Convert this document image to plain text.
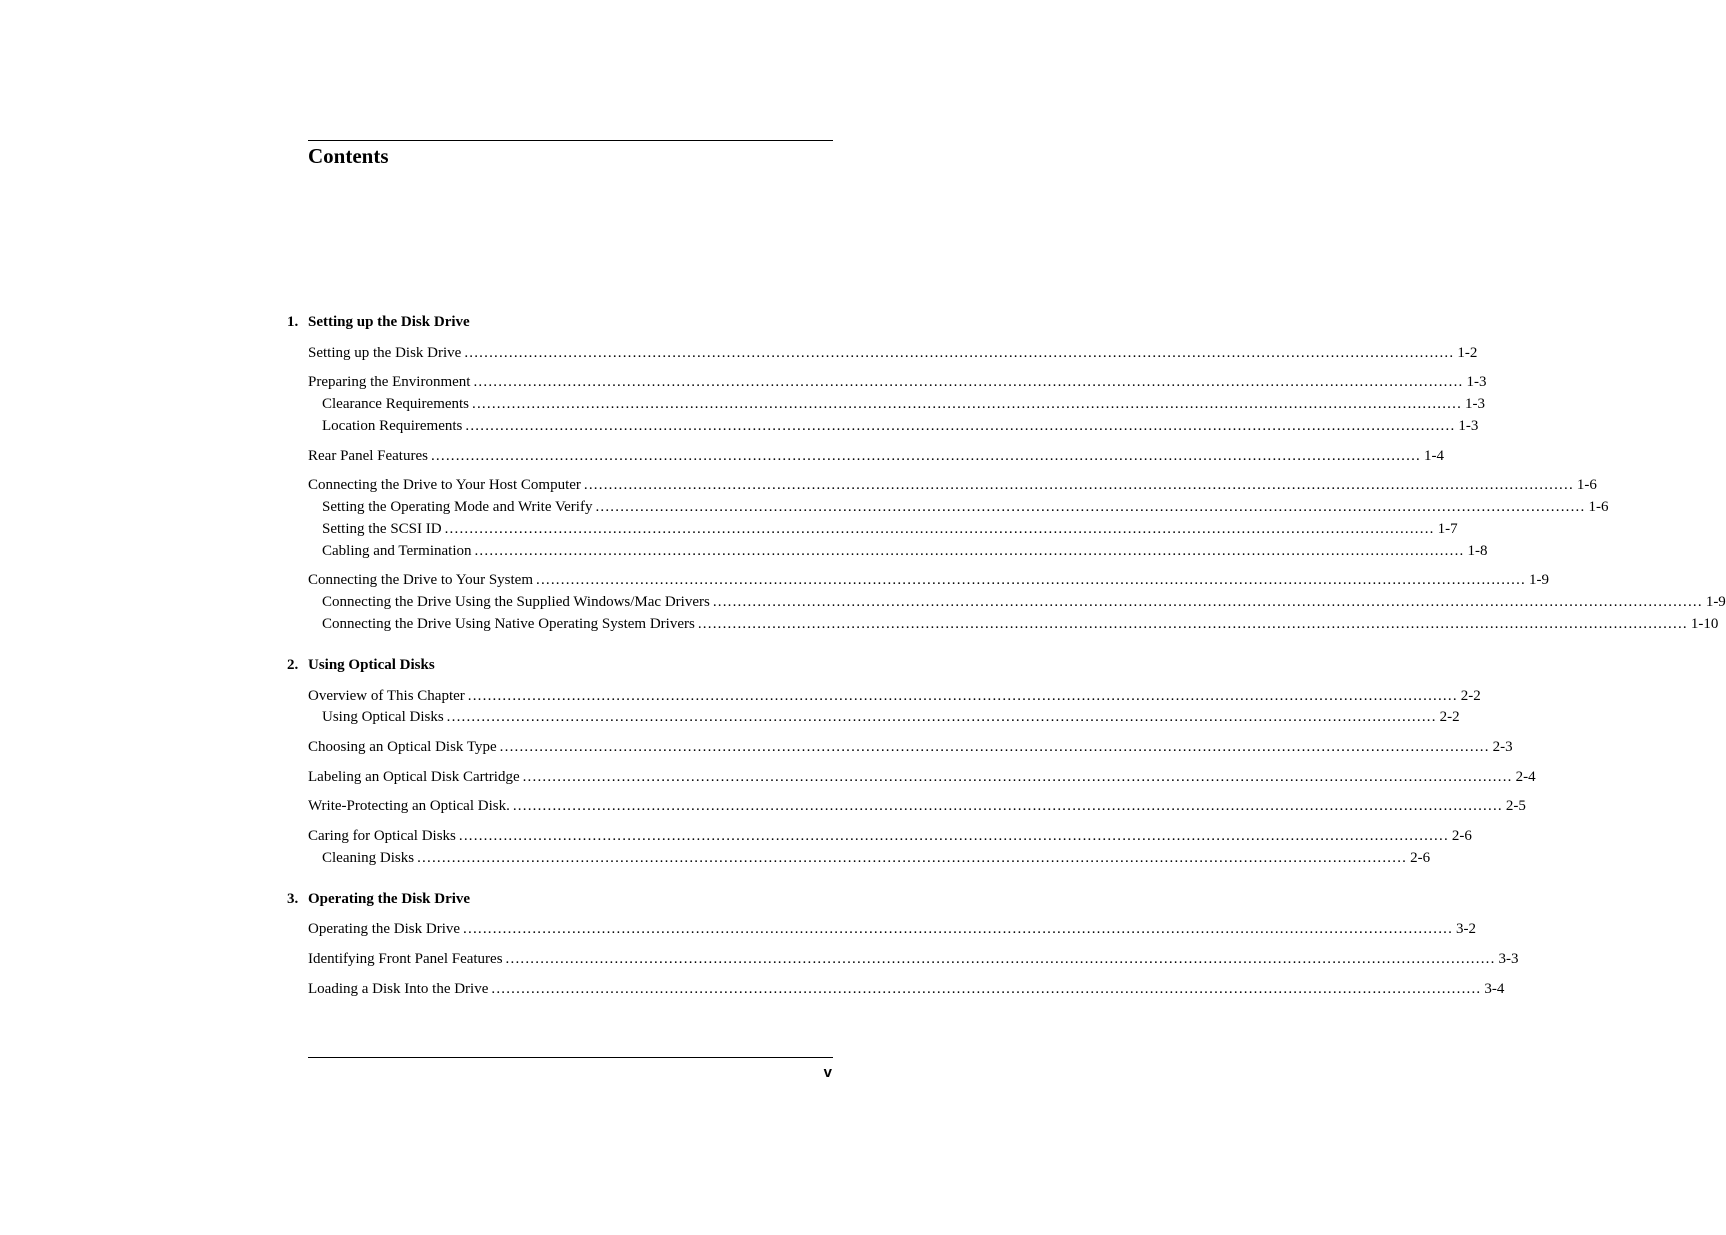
Contents
1. Setting up the Disk Drive
Setting up the Disk Drive ........................................................................................................................................................................................................ 1-2
Preparing the Environment ........................................................................................................................................................................................................ 1-3
Clearance Requirements ........................................................................................................................................................................................................ 1-3
Location Requirements ........................................................................................................................................................................................................ 1-3
Rear Panel Features ........................................................................................................................................................................................................ 1-4
Connecting the Drive to Your Host Computer ........................................................................................................................................................................................................ 1-6
Setting the Operating Mode and Write Verify ........................................................................................................................................................................................................ 1-6
Setting the SCSI ID ........................................................................................................................................................................................................ 1-7
Cabling and Termination ........................................................................................................................................................................................................ 1-8
Connecting the Drive to Your System ........................................................................................................................................................................................................ 1-9
Connecting the Drive Using the Supplied Windows/Mac Drivers ........................................................................................................................................................................................................ 1-9
Connecting the Drive Using Native Operating System Drivers ........................................................................................................................................................................................................ 1-10
2. Using Optical Disks
Overview of This Chapter ........................................................................................................................................................................................................ 2-2
Using Optical Disks ........................................................................................................................................................................................................ 2-2
Choosing an Optical Disk Type ........................................................................................................................................................................................................ 2-3
Labeling an Optical Disk Cartridge ........................................................................................................................................................................................................ 2-4
Write-Protecting an Optical Disk. ........................................................................................................................................................................................................ 2-5
Caring for Optical Disks ........................................................................................................................................................................................................ 2-6
Cleaning Disks ........................................................................................................................................................................................................ 2-6
3. Operating the Disk Drive
Operating the Disk Drive ........................................................................................................................................................................................................ 3-2
Identifying Front Panel Features ........................................................................................................................................................................................................ 3-3
Loading a Disk Into the Drive ........................................................................................................................................................................................................ 3-4
v
